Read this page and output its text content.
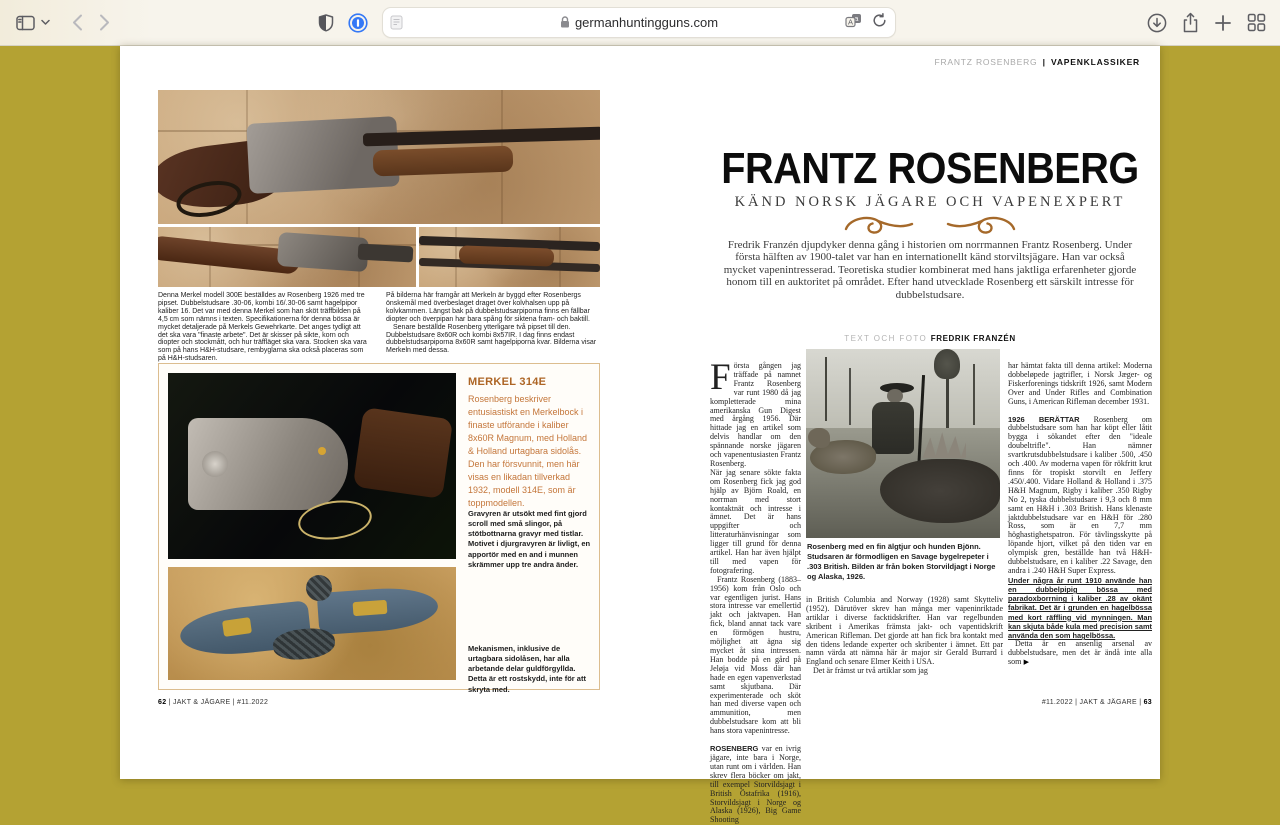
germanhuntingguns.com	a
A
FRANTZ ROSENBERG | VAPENKLASSIKER

Denna Merkel modell 300E beställdes av Rosenberg 1926 med tre pipset. Dubbelstudsare .30-06, kombi 16/.30-06 samt hagelpipor kaliber 16. Det var med denna Merkel som han sköt träffbilden på 4,5 cm som nämns i texten. Specifikationerna för denna bössa är mycket detaljerade på Merkels Gewehrkarte. Det anges tydligt att det ska vara "finaste arbete". Det är skisser på sikte, korn och diopter och stockmått, och hur träffläget ska vara. Stocken ska vara som på hans H&H-studsare, rembyglarna ska också placeras som på H&H-studsaren.

På bilderna här framgår att Merkeln är byggd efter Rosenbergs önskemål med överbeslaget draget över kolvhalsen upp på kolvkammen. Längst bak på dubbelstudsarpiporna finns en fällbar diopter och överpipan har bara spång för siktena fram- och baktill.

Senare beställde Rosenberg ytterligare två pipset till den. Dubbelstudsare 8x60R och kombi 8x57IR. I dag finns endast dubbelstudsarpiporna 8x60R samt hagelpiporna kvar. Bilderna visar Merkeln med dessa.

MERKEL 314E
Rosenberg beskriver entusiastiskt en Merkelbock i finaste utförande i kaliber 8x60R Magnum, med Holland & Holland urtagbara sidolås. Den har försvunnit, men här visas en likadan tillverkad 1932, modell 314E, som är toppmodellen.
Gravyren är utsökt med fint gjord scroll med små slingor, på stötbottnarna gravyr med tistlar. Motivet i djurgravyren är livligt, en apportör med en and i munnen skrämmer upp tre andra änder.
Mekanismen, inklusive de urtagbara sidolåsen, har alla arbetande delar guldförgyllda. Detta är ett rostskydd, inte för att skryta med.
62 | JAKT & JÄGARE | #11.2022
FRANTZ ROSENBERG
KÄND NORSK JÄGARE OCH VAPENEXPERT
Fredrik Franzén djupdyker denna gång i historien om norrmannen Frantz Rosenberg. Under första hälften av 1900-talet var han en internationellt känd storviltsjägare. Han var också mycket vapenintresserad. Teoretiska studier kombinerat med hans jaktliga erfarenheter gjorde honom till en auktoritet på området. Efter hand utvecklade Rosenberg ett särskilt intresse för dubbelstudsare.
TEXT OCH FOTO FREDRIK FRANZÉN

Första gången jag träffade på namnet Frantz Rosenberg var runt 1980 då jag kompletterade mina amerikanska Gun Digest med årgång 1956. Där hittade jag en artikel som delvis handlar om den spännande norske jägaren och vapenentusiasten Frantz Rosenberg.

När jag senare sökte fakta om Rosenberg fick jag god hjälp av Björn Roald, en norrman med stort kontaktnät och intresse i ämnet. Det är hans uppgifter och litteraturhänvisningar som ligger till grund för denna artikel. Han har även hjälpt till med vapen för fotografering.

Frantz Rosenberg (1883–1956) kom från Oslo och var egentligen jurist. Hans stora intresse var emellertid jakt och jaktvapen. Han fick, bland annat tack vare en förmögen hustru, möjlighet att ägna sig mycket åt sina intressen. Han bodde på en gård på Jeløja vid Moss där han hade en egen vapenverkstad samt skjutbana. Där experimenterade och sköt han med diverse vapen och ammunition, men dubbelstudsare kom att bli hans stora vapenintresse.

ROSENBERG var en ivrig jägare, inte bara i Norge, utan runt om i världen. Han skrev flera böcker om jakt, till exempel Storvildsjagt i British Östafrika (1916), Storvildsjagt i Norge og Alaska (1926), Big Game Shooting

Rosenberg med en fin älgtjur och hunden Bjönn. Studsaren är förmodligen en Savage bygelrepeter i .303 British. Bilden är från boken Storvildjagt i Norge og Alaska, 1926.

in British Columbia and Norway (1928) samt Skytteliv (1952). Därutöver skrev han många mer vapeninriktade artiklar i diverse facktidskrifter. Han var regelbunden skribent i Amerikas främsta jakt- och vapentidskrift American Rifleman. Det gjorde att han fick bra kontakt med den tidens ledande experter och skribenter i ämnet. Ett par namn värda att nämna här är major sir Gerald Burrard i England och senare Elmer Keith i USA.

Det är främst ur två artiklar som jag

har hämtat fakta till denna artikel: Moderna dobbeløpede jagtrifler, i Norsk Jæger- og Fiskerforenings tidskrift 1926, samt Modern Over and Under Rifles and Combination Guns, i American Rifleman december 1931.

1926 BERÄTTAR Rosenberg om dubbelstudsare som han har köpt eller låtit bygga i sökandet efter den "ideale doubeltrifle". Han nämner svartkrutsdubbelstudsare i kaliber .500, .450 och .400. Av moderna vapen för rökfritt krut finns för tropiskt storvilt en Jeffery .450/.400. Vidare Holland & Holland i .375 H&H Magnum, Rigby i kaliber .350 Rigby No 2, tyska dubbelstudsare i 9,3 och 8 mm samt en H&H i .303 British. Hans klenaste jaktdubbelstudsare var en H&H för .280 Ross, som är en 7,7 mm höghastighetspatron. För tävlingsskytte på löpande hjort, vilket på den tiden var en olympisk gren, beställde han två H&H-dubbelstudsare, en i kaliber .22 Savage, den andra i .240 H&H Super Express.

Under några år runt 1910 använde han en dubbelpipig bössa med paradoxborrning i kaliber .28 av okänt fabrikat. Det är i grunden en hagelbössa med kort räffling vid mynningen. Man kan skjuta både kula med precision samt använda den som hagelbössa.

Detta är en ansenlig arsenal av dubbelstudsare, men det är ändå inte alla som ▶

#11.2022 | JAKT & JÄGARE | 63
